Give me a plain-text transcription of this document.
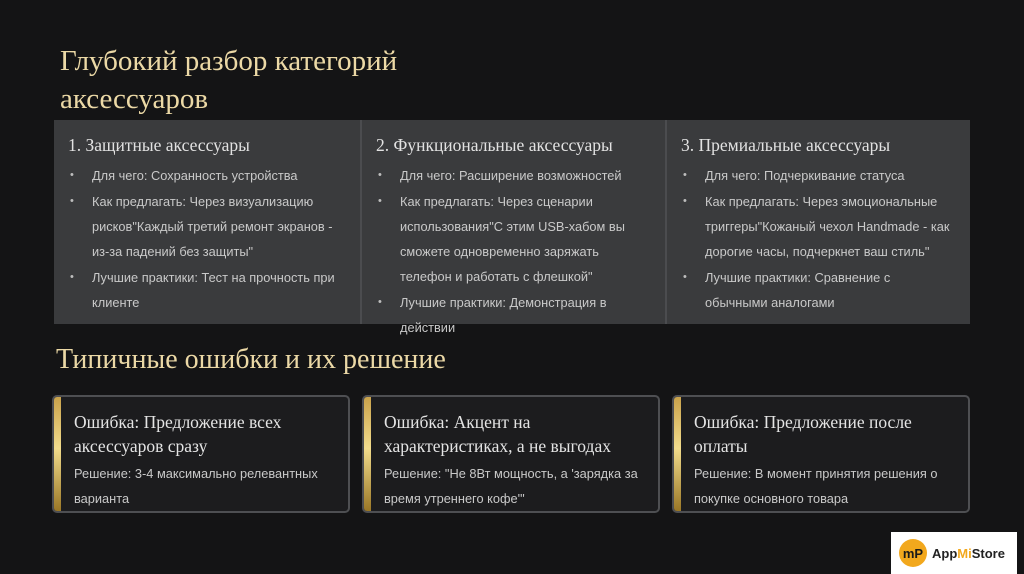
Глубокий разбор категорий аксессуаров
1. Защитные аксессуары
• Для чего: Сохранность устройства
• Как предлагать: Через визуализацию рисков"Каждый третий ремонт экранов - из-за падений без защиты"
• Лучшие практики: Тест на прочность при клиенте
2. Функциональные аксессуары
• Для чего: Расширение возможностей
• Как предлагать: Через сценарии использования"С этим USB-хабом вы сможете одновременно заряжать телефон и работать с флешкой"
• Лучшие практики: Демонстрация в действии
3. Премиальные аксессуары
• Для чего: Подчеркивание статуса
• Как предлагать: Через эмоциональные триггеры"Кожаный чехол Handmade - как дорогие часы, подчеркнет ваш стиль"
• Лучшие практики: Сравнение с обычными аналогами
Типичные ошибки и их решение
Ошибка: Предложение всех аксессуаров сразу
Решение: 3-4 максимально релевантных варианта
Ошибка: Акцент на характеристиках, а не выгодах
Решение: "Не 8Вт мощность, а 'зарядка за время утреннего кофе'"
Ошибка: Предложение после оплаты
Решение: В момент принятия решения о покупке основного товара
mP AppMiStore
